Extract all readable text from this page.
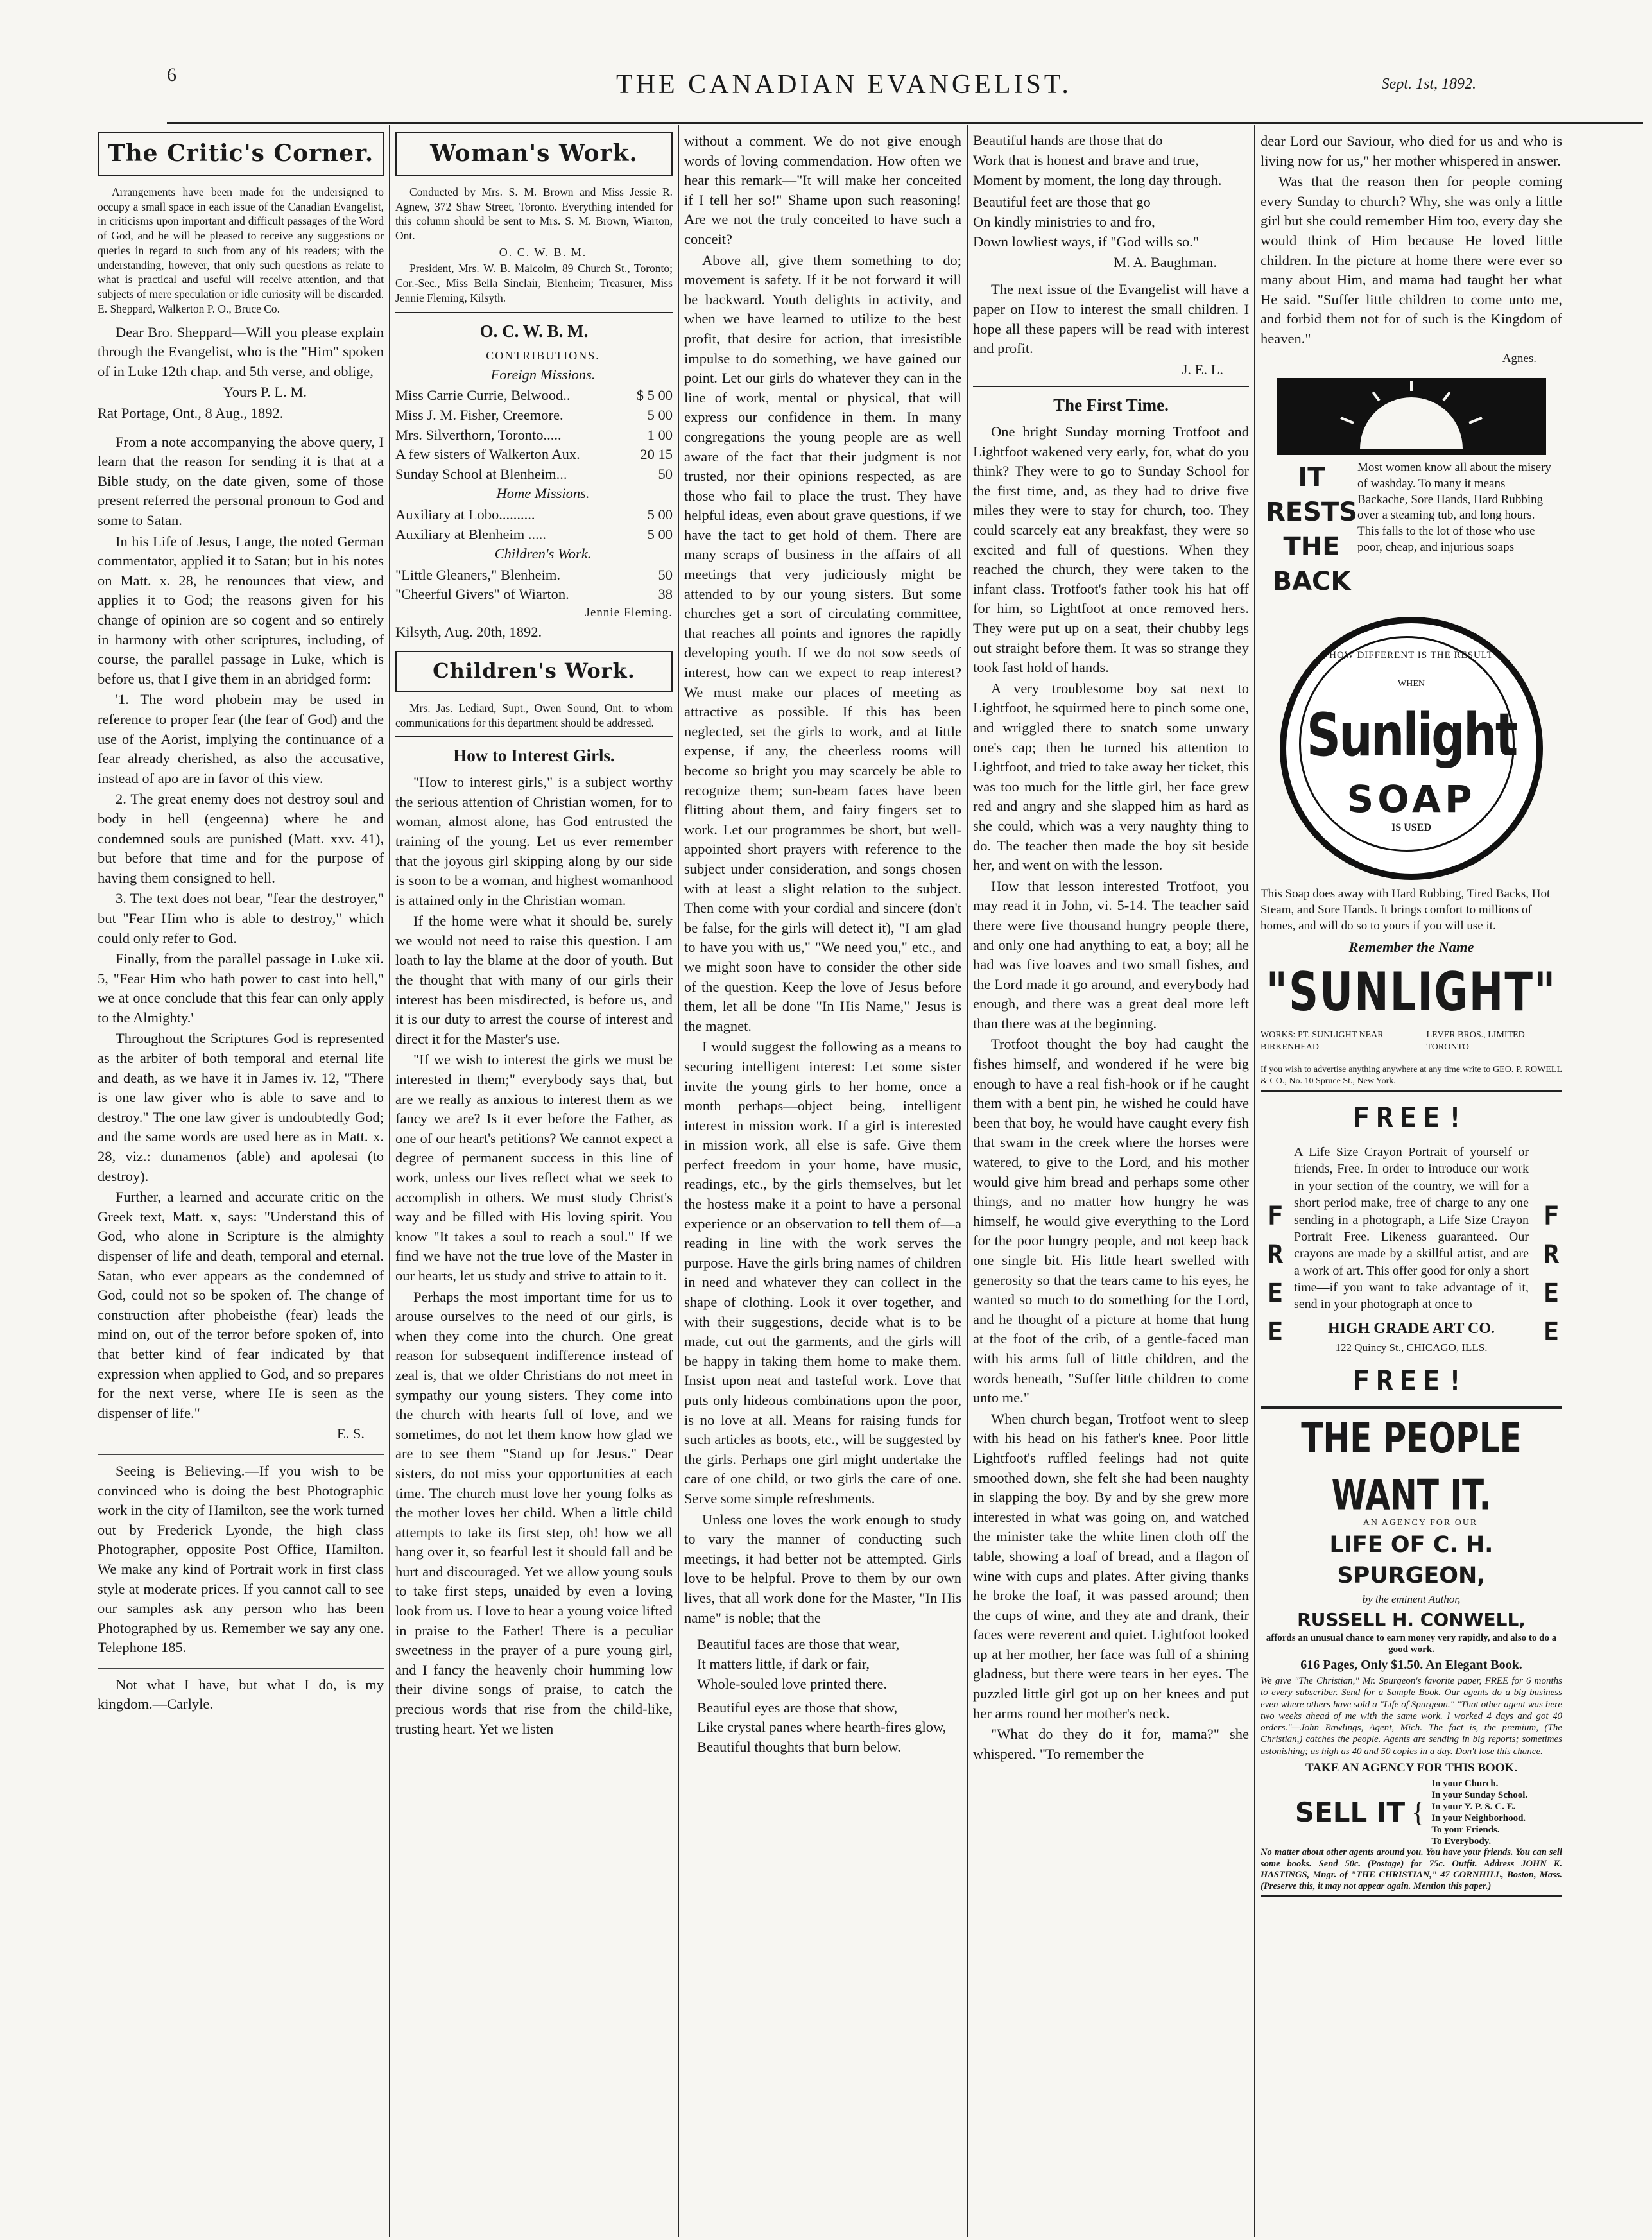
6	THE CANADIAN EVANGELIST.	Sept. 1st, 1892.
The Critic's Corner.

Arrangements have been made for the undersigned to occupy a small space in each issue of the Canadian Evangelist, in criticisms upon important and difficult passages of the Word of God, and he will be pleased to receive any suggestions or queries in regard to such from any of his readers; with the understanding, however, that only such questions as relate to what is practical and useful will receive attention, and that subjects of mere speculation or idle curiosity will be discarded. E. Sheppard, Walkerton P. O., Bruce Co.

Dear Bro. Sheppard—Will you please explain through the Evangelist, who is the "Him" spoken of in Luke 12th chap. and 5th verse, and oblige,

Yours P. L. M.

Rat Portage, Ont., 8 Aug., 1892.

From a note accompanying the above query, I learn that the reason for sending it is that at a Bible study, on the date given, some of those present referred the personal pronoun to God and some to Satan.

In his Life of Jesus, Lange, the noted German commentator, applied it to Satan; but in his notes on Matt. x. 28, he renounces that view, and applies it to God; the reasons given for his change of opinion are so cogent and so entirely in harmony with other scriptures, including, of course, the parallel passage in Luke, which is before us, that I give them in an abridged form:

'1. The word phobein may be used in reference to proper fear (the fear of God) and the use of the Aorist, implying the continuance of a fear already cherished, as also the accusative, instead of apo are in favor of this view.

2. The great enemy does not destroy soul and body in hell (engeenna) where he and condemned souls are punished (Matt. xxv. 41), but before that time and for the purpose of having them consigned to hell.

3. The text does not bear, "fear the destroyer," but "Fear Him who is able to destroy," which could only refer to God.

Finally, from the parallel passage in Luke xii. 5, "Fear Him who hath power to cast into hell," we at once conclude that this fear can only apply to the Almighty.'

Throughout the Scriptures God is represented as the arbiter of both temporal and eternal life and death, as we have it in James iv. 12, "There is one law giver who is able to save and to destroy." The one law giver is undoubtedly God; and the same words are used here as in Matt. x. 28, viz.: dunamenos (able) and apolesai (to destroy).

Further, a learned and accurate critic on the Greek text, Matt. x, says: "Understand this of God, who alone in Scripture is the almighty dispenser of life and death, temporal and eternal. Satan, who ever appears as the condemned of God, could not so be spoken of. The change of construction after phobeisthe (fear) leads the mind on, out of the terror before spoken of, into that better kind of fear indicated by that expression when applied to God, and so prepares for the next verse, where He is seen as the dispenser of life."

E. S.

Seeing is Believing.—If you wish to be convinced who is doing the best Photographic work in the city of Hamilton, see the work turned out by Frederick Lyonde, the high class Photographer, opposite Post Office, Hamilton. We make any kind of Portrait work in first class style at moderate prices. If you cannot call to see our samples ask any person who has been Photographed by us. Remember we say any one. Telephone 185.

Not what I have, but what I do, is my kingdom.—Carlyle.

Woman's Work.

Conducted by Mrs. S. M. Brown and Miss Jessie R. Agnew, 372 Shaw Street, Toronto. Everything intended for this column should be sent to Mrs. S. M. Brown, Wiarton, Ont.

O. C. W. B. M.

President, Mrs. W. B. Malcolm, 89 Church St., Toronto; Cor.-Sec., Miss Bella Sinclair, Blenheim; Treasurer, Miss Jennie Fleming, Kilsyth.

O. C. W. B. M.

CONTRIBUTIONS.

Foreign Missions.

Miss Carrie Currie, Belwood..	$ 5 00
Miss J. M. Fisher, Creemore.	5 00
Mrs. Silverthorn, Toronto.....	1 00
A few sisters of Walkerton Aux.	20 15
Sunday School at Blenheim...	50

Home Missions.

Auxiliary at Lobo..........	5 00
Auxiliary at Blenheim .....	5 00

Children's Work.

"Little Gleaners," Blenheim.	50
"Cheerful Givers" of Wiarton.	38

Jennie Fleming.

Kilsyth, Aug. 20th, 1892.

Children's Work.

Mrs. Jas. Lediard, Supt., Owen Sound, Ont. to whom communications for this department should be addressed.

How to Interest Girls.

"How to interest girls," is a subject worthy the serious attention of Christian women, for to woman, almost alone, has God entrusted the training of the young. Let us ever remember that the joyous girl skipping along by our side is soon to be a woman, and highest womanhood is attained only in the Christian woman.

If the home were what it should be, surely we would not need to raise this question. I am loath to lay the blame at the door of youth. But the thought that with many of our girls their interest has been misdirected, is before us, and it is our duty to arrest the course of interest and direct it for the Master's use.

"If we wish to interest the girls we must be interested in them;" everybody says that, but are we really as anxious to interest them as we fancy we are? Is it ever before the Father, as one of our heart's petitions? We cannot expect a degree of permanent success in this line of work, unless our lives reflect what we seek to accomplish in others. We must study Christ's way and be filled with His loving spirit. You know "It takes a soul to reach a soul." If we find we have not the true love of the Master in our hearts, let us study and strive to attain to it.

Perhaps the most important time for us to arouse ourselves to the need of our girls, is when they come into the church. One great reason for subsequent indifference instead of zeal is, that we older Christians do not meet in sympathy our young sisters. They come into the church with hearts full of love, and we sometimes, do not let them know how glad we are to see them "Stand up for Jesus." Dear sisters, do not miss your opportunities at each time. The church must love her young folks as the mother loves her child. When a little child attempts to take its first step, oh! how we all hang over it, so fearful lest it should fall and be hurt and discouraged. Yet we allow young souls to take first steps, unaided by even a loving look from us. I love to hear a young voice lifted in praise to the Father! There is a peculiar sweetness in the prayer of a pure young girl, and I fancy the heavenly choir humming low their divine songs of praise, to catch the precious words that rise from the child-like, trusting heart. Yet we listen

without a comment. We do not give enough words of loving commendation. How often we hear this remark—"It will make her conceited if I tell her so!" Shame upon such reasoning! Are we not the truly conceited to have such a conceit?

Above all, give them something to do; movement is safety. If it be not forward it will be backward. Youth delights in activity, and when we have learned to utilize to the best profit, that desire for action, that irresistible impulse to do something, we have gained our point. Let our girls do whatever they can in the line of work, mental or physical, that will express our confidence in them. In many congregations the young people are as well aware of the fact that their judgment is not trusted, nor their opinions respected, as are those who fail to place the trust. They have helpful ideas, even about grave questions, if we have the tact to get hold of them. There are many scraps of business in the affairs of all meetings that very judiciously might be attended to by our young sisters. But some churches get a sort of circulating committee, that reaches all points and ignores the rapidly developing youth. If we do not sow seeds of interest, how can we expect to reap interest? We must make our places of meeting as attractive as possible. If this has been neglected, set the girls to work, and at little expense, if any, the cheerless rooms will become so bright you may scarcely be able to recognize them; sun-beam faces have been flitting about them, and fairy fingers set to work. Let our programmes be short, but well-appointed short prayers with reference to the subject under consideration, and songs chosen with at least a slight relation to the subject. Then come with your cordial and sincere (don't be false, for the girls will detect it), "I am glad to have you with us," "We need you," etc., and we might soon have to consider the other side of the question. Keep the love of Jesus before them, let all be done "In His Name," Jesus is the magnet.

I would suggest the following as a means to securing intelligent interest: Let some sister invite the young girls to her home, once a month perhaps—object being, intelligent interest in mission work. If a girl is interested in mission work, all else is safe. Give them perfect freedom in your home, have music, readings, etc., by the girls themselves, but let the hostess make it a point to have a personal experience or an observation to tell them of—a reading in line with the work serves the purpose. Have the girls bring names of children in need and whatever they can collect in the shape of clothing. Look it over together, and with their suggestions, decide what is to be made, cut out the garments, and the girls will be happy in taking them home to make them. Insist upon neat and tasteful work. Love that puts only hideous combinations upon the poor, is no love at all. Means for raising funds for such articles as boots, etc., will be suggested by the girls. Perhaps one girl might undertake the care of one child, or two girls the care of one. Serve some simple refreshments.

Unless one loves the work enough to study to vary the manner of conducting such meetings, it had better not be attempted. Girls love to be helpful. Prove to them by our own lives, that all work done for the Master, "In His name" is noble; that the

Beautiful faces are those that wear,

It matters little, if dark or fair,

Whole-souled love printed there.

Beautiful eyes are those that show,

Like crystal panes where hearth-fires glow,

Beautiful thoughts that burn below.

Beautiful hands are those that do

Work that is honest and brave and true,

Moment by moment, the long day through.

Beautiful feet are those that go

On kindly ministries to and fro,

Down lowliest ways, if "God wills so."

M. A. Baughman.

The next issue of the Evangelist will have a paper on How to interest the small children. I hope all these papers will be read with interest and profit.

J. E. L.

The First Time.

One bright Sunday morning Trotfoot and Lightfoot wakened very early, for, what do you think? They were to go to Sunday School for the first time, and, as they had to drive five miles they were to stay for church, too. They could scarcely eat any breakfast, they were so excited and full of questions. When they reached the church, they were taken to the infant class. Trotfoot's father took his hat off for him, so Lightfoot at once removed hers. They were put up on a seat, their chubby legs out straight before them. It was so strange they took fast hold of hands.

A very troublesome boy sat next to Lightfoot, he squirmed here to pinch some one, and wriggled there to snatch some unwary one's cap; then he turned his attention to Lightfoot, and tried to take away her ticket, this was too much for the little girl, her face grew red and angry and she slapped him as hard as she could, which was a very naughty thing to do. The teacher then made the boy sit beside her, and went on with the lesson.

How that lesson interested Trotfoot, you may read it in John, vi. 5-14. The teacher said there were five thousand hungry people there, and only one had anything to eat, a boy; all he had was five loaves and two small fishes, and the Lord made it go around, and everybody had enough, and there was a great deal more left than there was at the beginning.

Trotfoot thought the boy had caught the fishes himself, and wondered if he were big enough to have a real fish-hook or if he caught them with a bent pin, he wished he could have been that boy, he would have caught every fish that swam in the creek where the horses were watered, to give to the Lord, and his mother would give him bread and perhaps some other things, and no matter how hungry he was himself, he would give everything to the Lord for the poor hungry people, and not keep back one single bit. His little heart swelled with generosity so that the tears came to his eyes, he wanted so much to do something for the Lord, and he thought of a picture at home that hung at the foot of the crib, of a gentle-faced man with his arms full of little children, and the words beneath, "Suffer little children to come unto me."

When church began, Trotfoot went to sleep with his head on his father's knee. Poor little Lightfoot's ruffled feelings had not quite smoothed down, she felt she had been naughty in slapping the boy. By and by she grew more interested in what was going on, and watched the minister take the white linen cloth off the table, showing a loaf of bread, and a flagon of wine with cups and plates. After giving thanks he broke the loaf, it was passed around; then the cups of wine, and they ate and drank, their faces were reverent and quiet. Lightfoot looked up at her mother, her face was full of a shining gladness, but there were tears in her eyes. The puzzled little girl got up on her knees and put her arms round her mother's neck.

"What do they do it for, mama?" she whispered. "To remember the

dear Lord our Saviour, who died for us and who is living now for us," her mother whispered in answer.

Was that the reason then for people coming every Sunday to church? Why, she was only a little girl but she could remember Him too, every day she would think of Him because He loved little children. In the picture at home there were ever so many about Him, and mama had taught her what He said. "Suffer little children to come unto me, and forbid them not for of such is the Kingdom of heaven."

Agnes.

IT RESTS
THE
BACK
Most women know all about the misery of washday. To many it means Backache, Sore Hands, Hard Rubbing over a steaming tub, and long hours. This falls to the lot of those who use poor, cheap, and injurious soaps
HOW DIFFERENT IS THE RESULT
WHEN
Sunlight
SOAP
IS USED

This Soap does away with Hard Rubbing, Tired Backs, Hot Steam, and Sore Hands. It brings comfort to millions of homes, and will do so to yours if you will use it.

Remember the Name

"SUNLIGHT"
WORKS: PT. SUNLIGHT NEAR BIRKENHEAD
LEVER BROS., LIMITED TORONTO

If you wish to advertise anything anywhere at any time write to GEO. P. ROWELL & CO., No. 10 Spruce St., New York.

FREE!
FREE	FREE

A Life Size Crayon Portrait of yourself or friends, Free. In order to introduce our work in your section of the country, we will for a short period make, free of charge to any one sending in a photograph, a Life Size Crayon Portrait Free. Likeness guaranteed. Our crayons are made by a skillful artist, and are a work of art. This offer good for only a short time—if you want to take advantage of it, send in your photograph at once to

HIGH GRADE ART CO.

122 Quincy St., CHICAGO, ILLS.

FREE!
THE PEOPLE WANT IT.

AN AGENCY FOR OUR

LIFE OF C. H. SPURGEON,

by the eminent Author,

RUSSELL H. CONWELL,

affords an unusual chance to earn money very rapidly, and also to do a good work.

616 Pages, Only $1.50. An Elegant Book.

We give "The Christian," Mr. Spurgeon's favorite paper, FREE for 6 months to every subscriber. Send for a Sample Book. Our agents do a big business even where others have sold a "Life of Spurgeon." "That other agent was here two weeks ahead of me with the same work. I worked 4 days and got 40 orders."—John Rawlings, Agent, Mich. The fact is, the premium, (The Christian,) catches the people. Agents are sending in big reports; sometimes astonishing; as high as 40 and 50 copies in a day. Don't lose this chance.

TAKE AN AGENCY FOR THIS BOOK.

SELL IT {
In your Church.
In your Sunday School.
In your Y. P. S. C. E.
In your Neighborhood.
To your Friends.
To Everybody.

No matter about other agents around you. You have your friends. You can sell some books. Send 50c. (Postage) for 75c. Outfit. Address JOHN K. HASTINGS, Mngr. of "THE CHRISTIAN," 47 CORNHILL, Boston, Mass. (Preserve this, it may not appear again. Mention this paper.)
